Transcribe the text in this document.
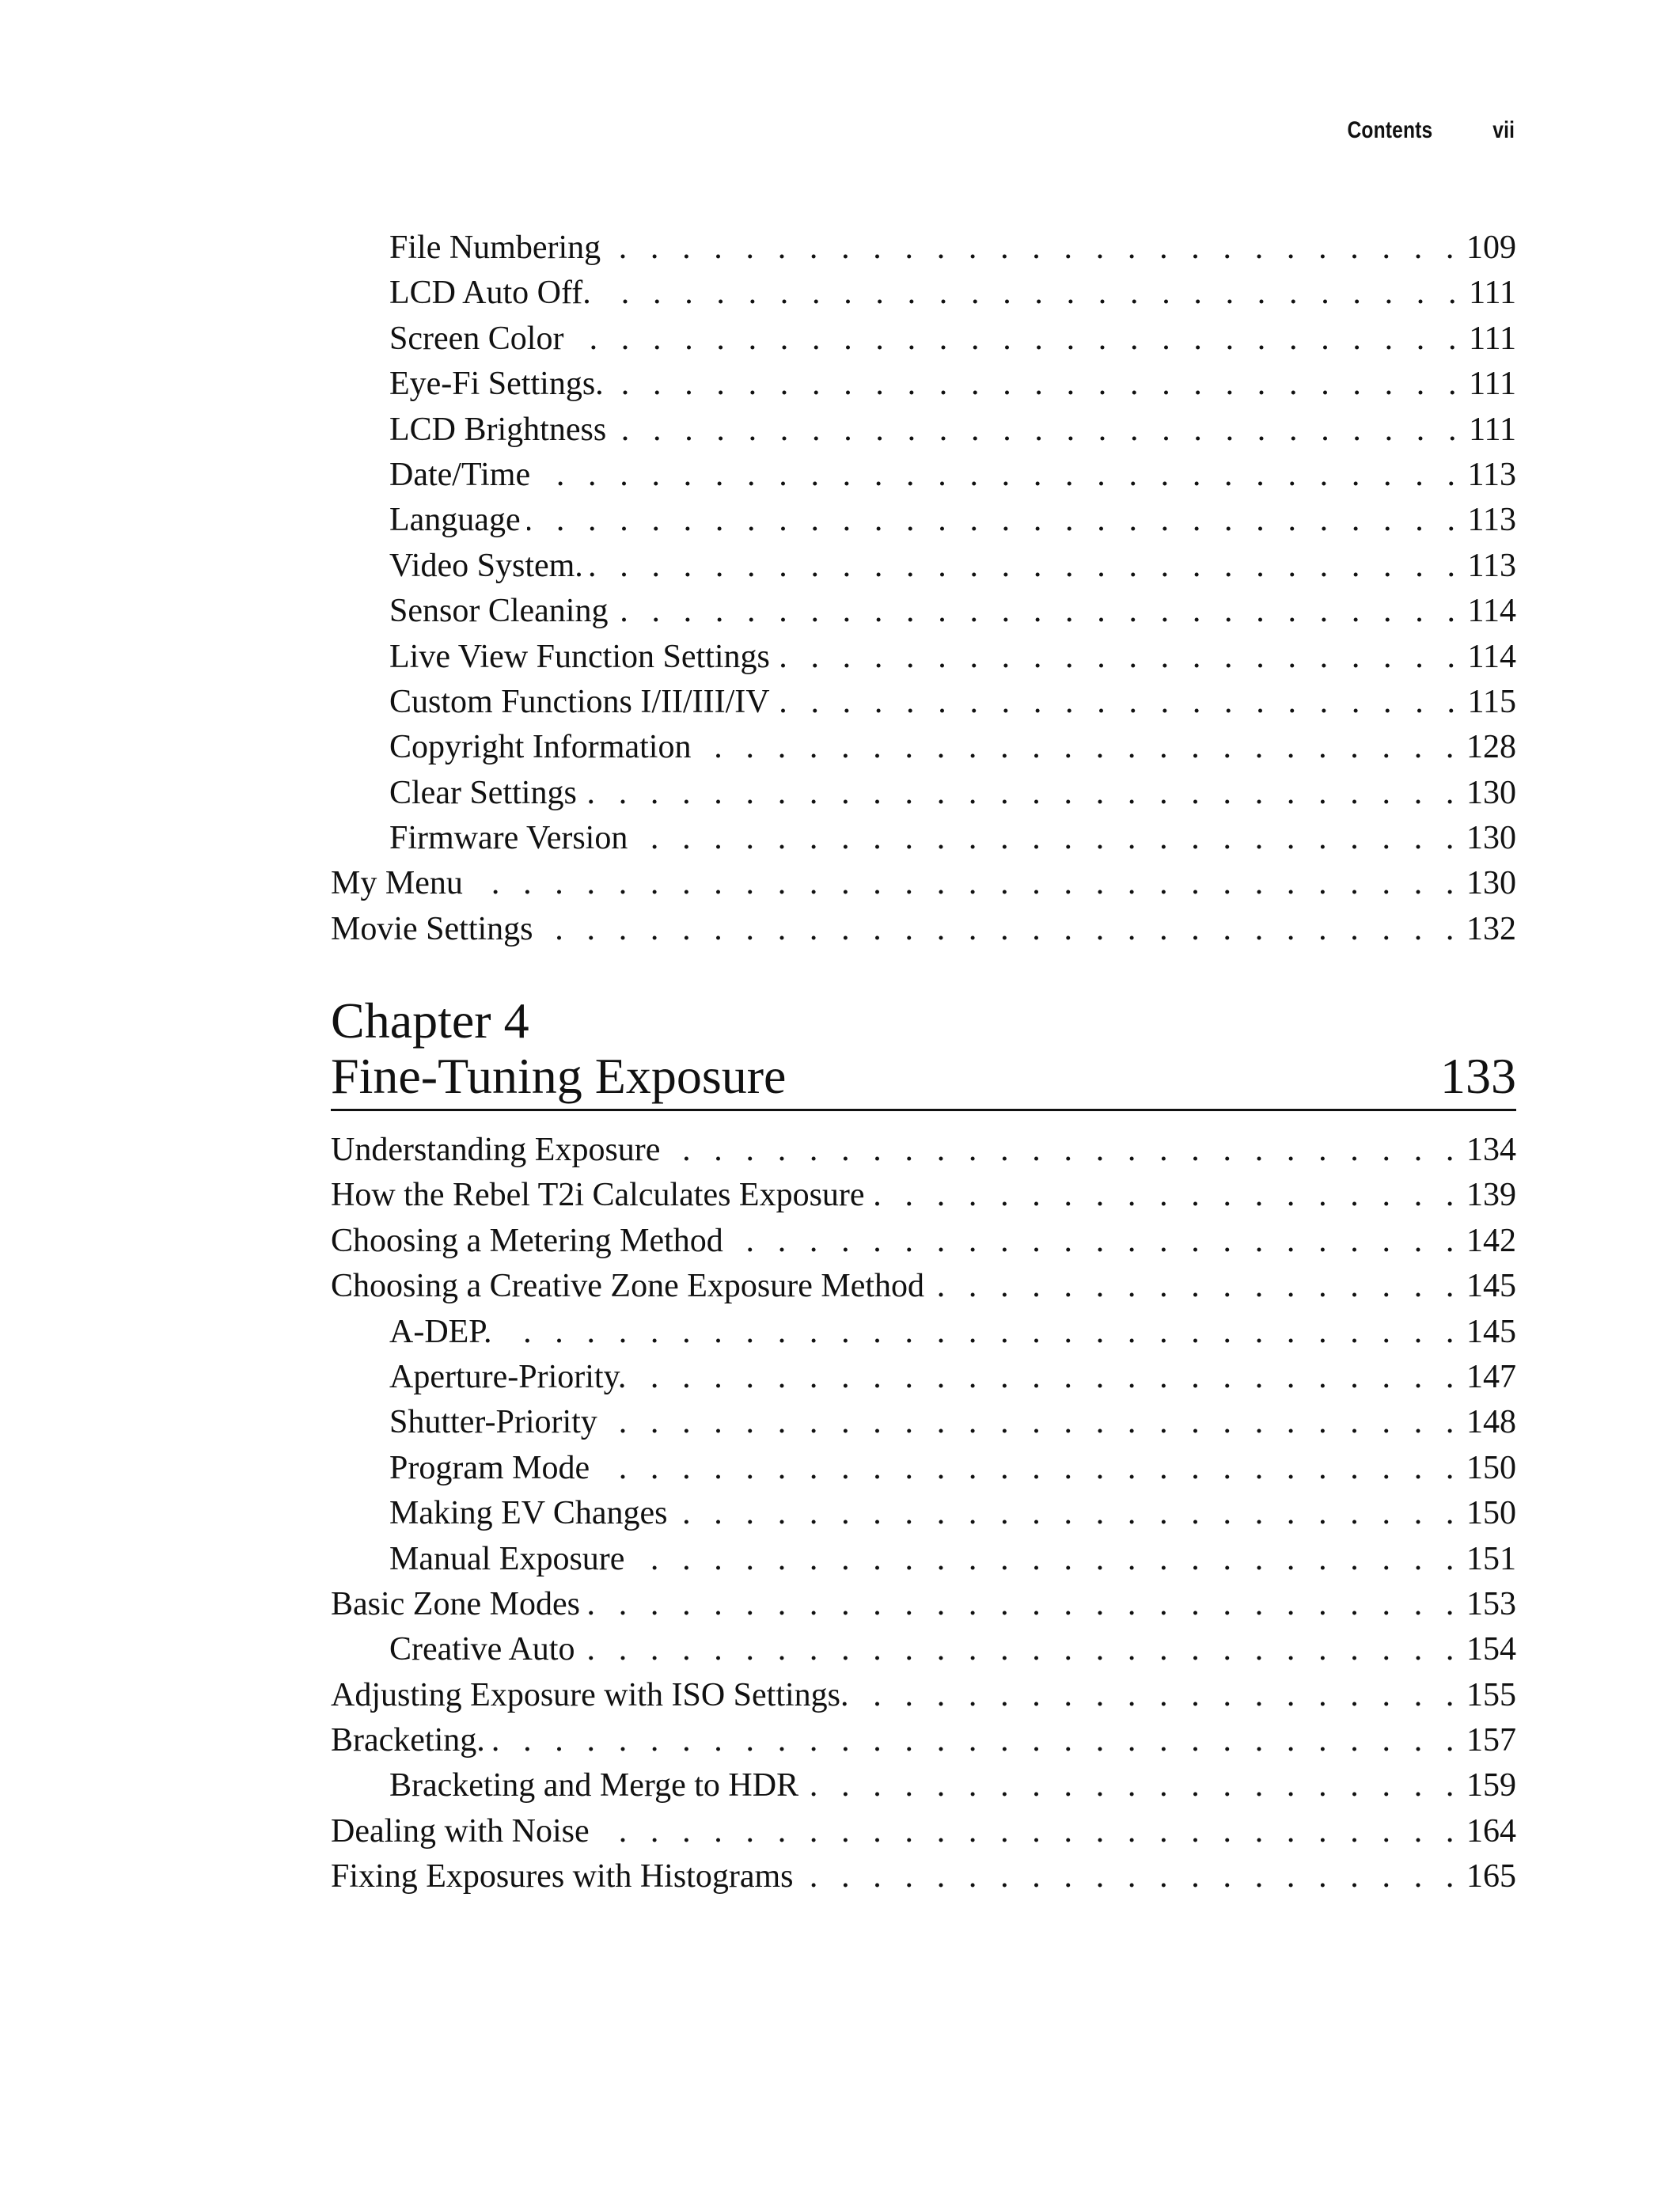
Contents	vii
File Numbering . . .	109
LCD Auto Off. . . .	111
Screen Color . . .	111
Eye-Fi Settings. . . .	111
LCD Brightness . . .	111
Date/Time . . .	113
Language . . .	113
Video System. . . .	113
Sensor Cleaning . . .	114
Live View Function Settings . . .	114
Custom Functions I/II/III/IV . . .	115
Copyright Information . . .	128
Clear Settings . . .	130
Firmware Version . . .	130
My Menu . . .	130
Movie Settings . . .	132
Chapter 4
Fine-Tuning Exposure	133
Understanding Exposure . . .	134
How the Rebel T2i Calculates Exposure . . .	139
Choosing a Metering Method . . .	142
Choosing a Creative Zone Exposure Method . . .	145
A-DEP. . . .	145
Aperture-Priority. . . .	147
Shutter-Priority . . .	148
Program Mode . . .	150
Making EV Changes . . .	150
Manual Exposure . . .	151
Basic Zone Modes . . .	153
Creative Auto . . .	154
Adjusting Exposure with ISO Settings. . . .	155
Bracketing. . . .	157
Bracketing and Merge to HDR . . .	159
Dealing with Noise . . .	164
Fixing Exposures with Histograms . . .	165
